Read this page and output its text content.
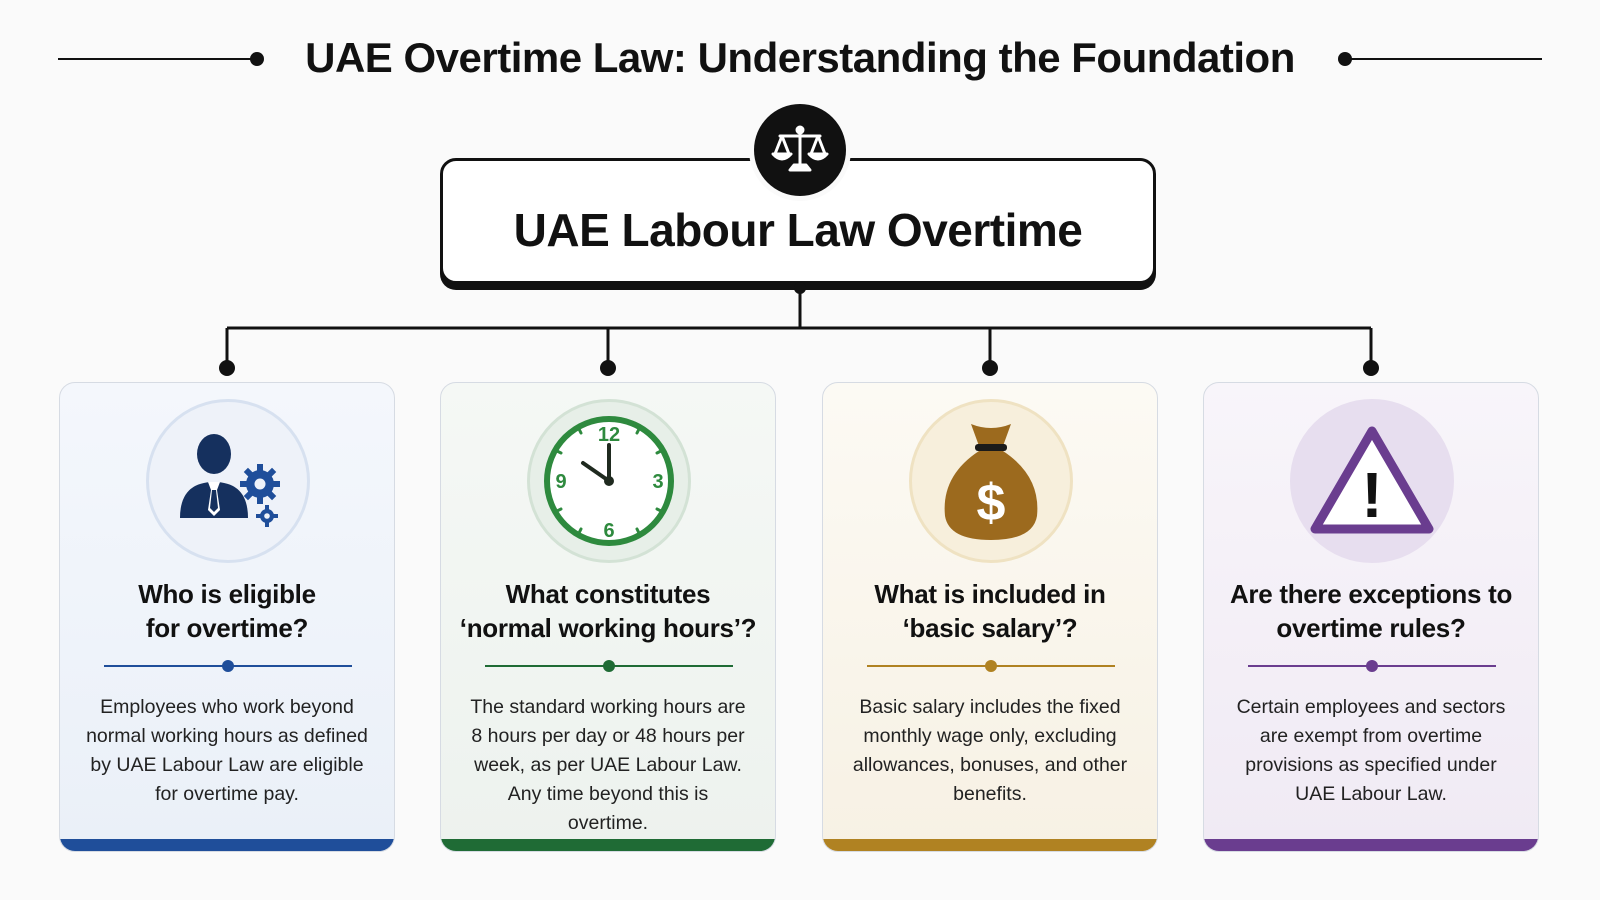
UAE Overtime Law: Understanding the Foundation
UAE Labour Law Overtime
Who is eligible
for overtime?

Employees who work beyond normal working hours as defined by UAE Labour Law are eligible for overtime pay.

12
3
6
9
What constitutes
‘normal working hours’?

The standard working hours are 8 hours per day or 48 hours per week, as per UAE Labour Law. Any time beyond this is overtime.

$
What is included in
‘basic salary’?

Basic salary includes the fixed monthly wage only, excluding allowances, bonuses, and other benefits.

!
Are there exceptions to
overtime rules?

Certain employees and sectors are exempt from overtime provisions as specified under UAE Labour Law.
